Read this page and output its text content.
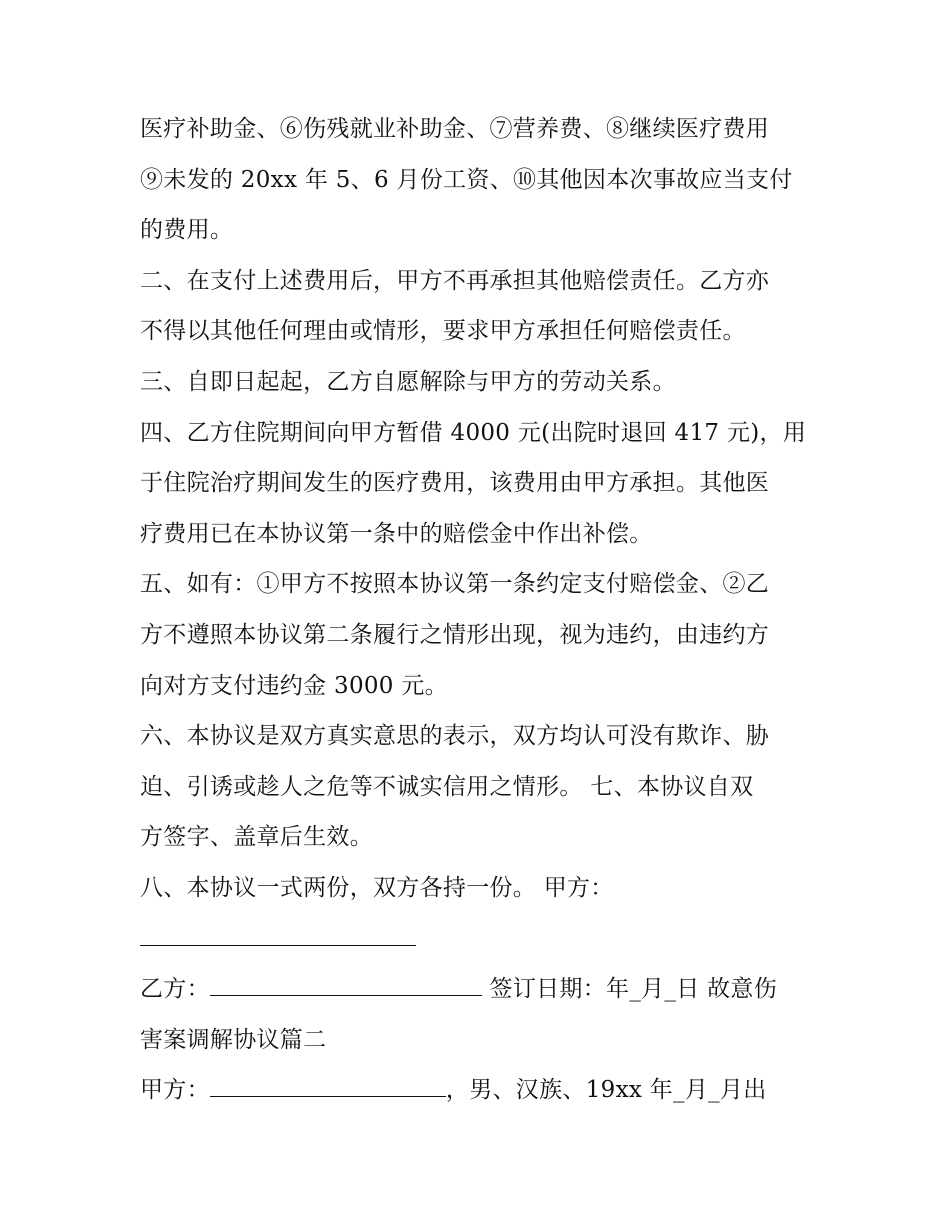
医疗补助金、⑥伤残就业补助金、⑦营养费、⑧继续医疗费用
⑨未发的 20xx 年 5、6 月份工资、⑩其他因本次事故应当支付
的费用。
二、在支付上述费用后，甲方不再承担其他赔偿责任。乙方亦
不得以其他任何理由或情形，要求甲方承担任何赔偿责任。
三、自即日起起，乙方自愿解除与甲方的劳动关系。
四、乙方住院期间向甲方暂借 4000 元(出院时退回 417 元)，用
于住院治疗期间发生的医疗费用，该费用由甲方承担。其他医
疗费用已在本协议第一条中的赔偿金中作出补偿。
五、如有：①甲方不按照本协议第一条约定支付赔偿金、②乙
方不遵照本协议第二条履行之情形出现，视为违约，由违约方
向对方支付违约金 3000 元。
六、本协议是双方真实意思的表示，双方均认可没有欺诈、胁
迫、引诱或趁人之危等不诚实信用之情形。 七、本协议自双
方签字、盖章后生效。
八、本协议一式两份，双方各持一份。 甲方：
乙方：	签订日期：年_月_日 故意伤
害案调解协议篇二
甲方：	，男、汉族、19xx 年_月_月出
